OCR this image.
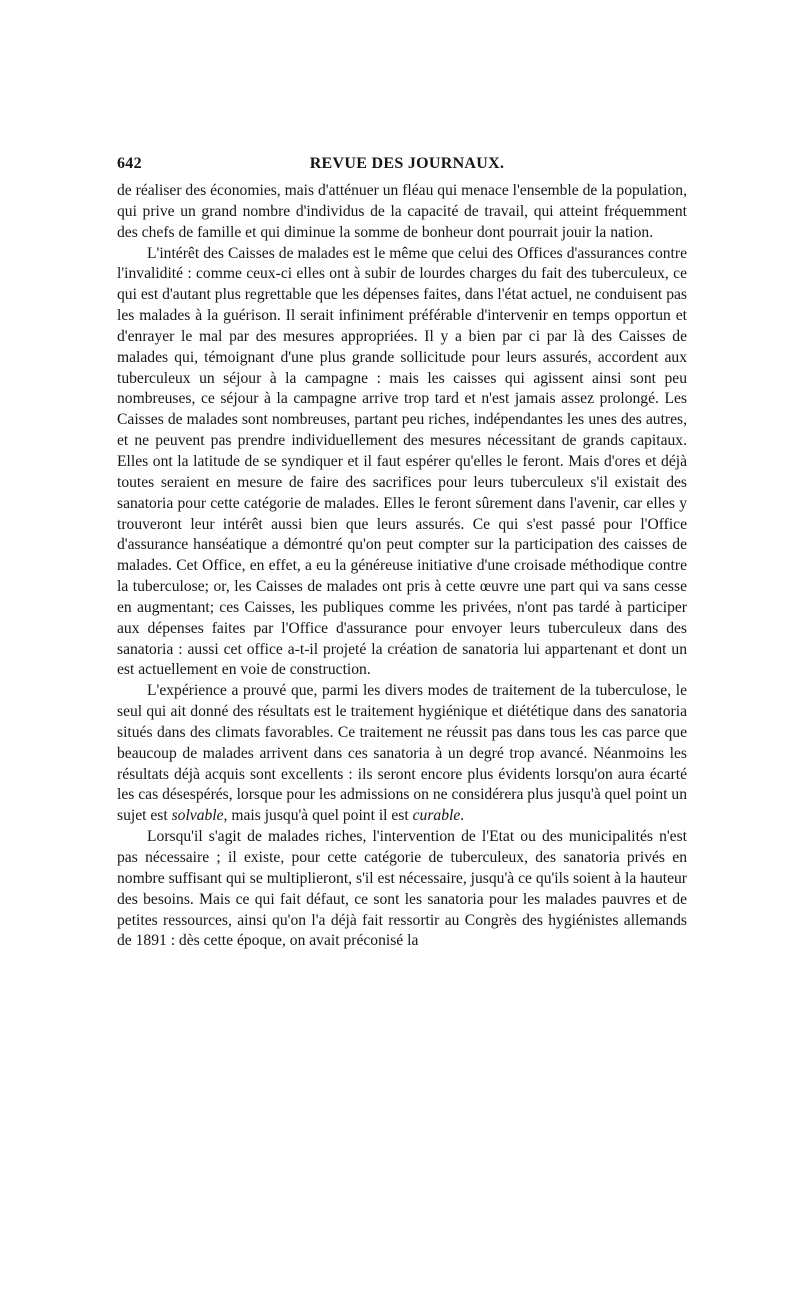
642	REVUE DES JOURNAUX.

de réaliser des économies, mais d'atténuer un fléau qui menace l'ensemble de la population, qui prive un grand nombre d'individus de la capacité de travail, qui atteint fréquemment des chefs de famille et qui diminue la somme de bonheur dont pourrait jouir la nation.

L'intérêt des Caisses de malades est le même que celui des Offices d'assurances contre l'invalidité : comme ceux-ci elles ont à subir de lourdes charges du fait des tuberculeux, ce qui est d'autant plus regrettable que les dépenses faites, dans l'état actuel, ne conduisent pas les malades à la guérison. Il serait infiniment préférable d'intervenir en temps opportun et d'enrayer le mal par des mesures appropriées. Il y a bien par ci par là des Caisses de malades qui, témoignant d'une plus grande sollicitude pour leurs assurés, accordent aux tuberculeux un séjour à la campagne : mais les caisses qui agissent ainsi sont peu nombreuses, ce séjour à la campagne arrive trop tard et n'est jamais assez prolongé. Les Caisses de malades sont nombreuses, partant peu riches, indépendantes les unes des autres, et ne peuvent pas prendre individuellement des mesures nécessitant de grands capitaux. Elles ont la latitude de se syndiquer et il faut espérer qu'elles le feront. Mais d'ores et déjà toutes seraient en mesure de faire des sacrifices pour leurs tuberculeux s'il existait des sanatoria pour cette catégorie de malades. Elles le feront sûrement dans l'avenir, car elles y trouveront leur intérêt aussi bien que leurs assurés. Ce qui s'est passé pour l'Office d'assurance hanséatique a démontré qu'on peut compter sur la participation des caisses de malades. Cet Office, en effet, a eu la généreuse initiative d'une croisade méthodique contre la tuberculose; or, les Caisses de malades ont pris à cette œuvre une part qui va sans cesse en augmentant; ces Caisses, les publiques comme les privées, n'ont pas tardé à participer aux dépenses faites par l'Office d'assurance pour envoyer leurs tuberculeux dans des sanatoria : aussi cet office a-t-il projeté la création de sanatoria lui appartenant et dont un est actuellement en voie de construction.

L'expérience a prouvé que, parmi les divers modes de traitement de la tuberculose, le seul qui ait donné des résultats est le traitement hygiénique et diététique dans des sanatoria situés dans des climats favorables. Ce traitement ne réussit pas dans tous les cas parce que beaucoup de malades arrivent dans ces sanatoria à un degré trop avancé. Néanmoins les résultats déjà acquis sont excellents : ils seront encore plus évidents lorsqu'on aura écarté les cas désespérés, lorsque pour les admissions on ne considérera plus jusqu'à quel point un sujet est solvable, mais jusqu'à quel point il est curable.

Lorsqu'il s'agit de malades riches, l'intervention de l'Etat ou des municipalités n'est pas nécessaire ; il existe, pour cette catégorie de tuberculeux, des sanatoria privés en nombre suffisant qui se multiplieront, s'il est nécessaire, jusqu'à ce qu'ils soient à la hauteur des besoins. Mais ce qui fait défaut, ce sont les sanatoria pour les malades pauvres et de petites ressources, ainsi qu'on l'a déjà fait ressortir au Congrès des hygiénistes allemands de 1891 : dès cette époque, on avait préconisé la
